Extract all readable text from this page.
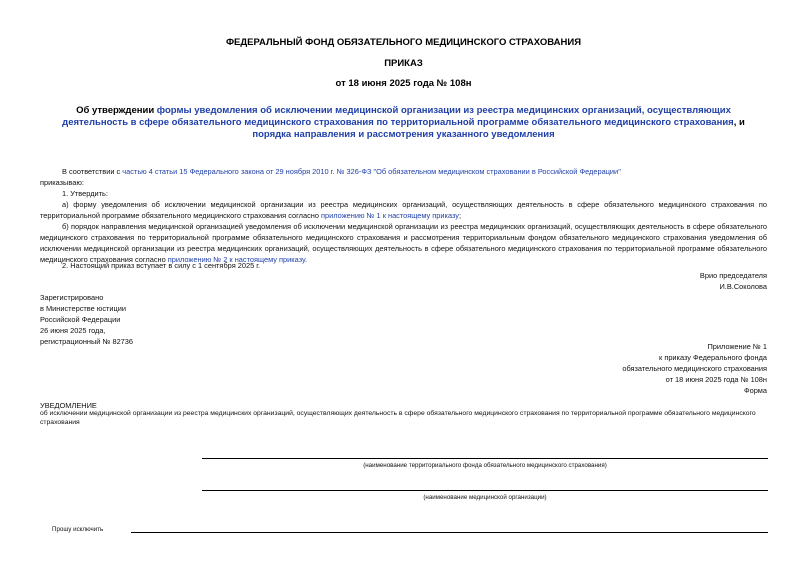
ФЕДЕРАЛЬНЫЙ ФОНД ОБЯЗАТЕЛЬНОГО МЕДИЦИНСКОГО СТРАХОВАНИЯ
ПРИКАЗ
от 18 июня 2025 года № 108н
Об утверждении формы уведомления об исключении медицинской организации из реестра медицинских организаций, осуществляющих деятельность в сфере обязательного медицинского страхования по территориальной программе обязательного медицинского страхования, и порядка направления и рассмотрения указанного уведомления
В соответствии с частью 4 статьи 15 Федерального закона от 29 ноября 2010 г. № 326-ФЗ "Об обязательном медицинском страховании в Российской Федерации"
приказываю:
1. Утвердить:
а) форму уведомления об исключении медицинской организации из реестра медицинских организаций, осуществляющих деятельность в сфере обязательного медицинского страхования по территориальной программе обязательного медицинского страхования согласно приложению № 1 к настоящему приказу;
б) порядок направления медицинской организацией уведомления об исключении медицинской организации из реестра медицинских организаций, осуществляющих деятельность в сфере обязательного медицинского страхования по территориальной программе обязательного медицинского страхования и рассмотрения территориальным фондом обязательного медицинского страхования уведомления об исключении медицинской организации из реестра медицинских организаций, осуществляющих деятельность в сфере обязательного медицинского страхования по территориальной программе обязательного медицинского страхования согласно приложению № 2 к настоящему приказу.
2. Настоящий приказ вступает в силу с 1 сентября 2025 г.
Врио председателя
И.В.Соколова
Зарегистрировано
в Министерстве юстиции
Российской Федерации
26 июня 2025 года,
регистрационный № 82736
Приложение № 1
к приказу Федерального фонда
обязательного медицинского страхования
от 18 июня 2025 года № 108н
Форма
УВЕДОМЛЕНИЕ
об исключении медицинской организации из реестра медицинских организаций, осуществляющих деятельность в сфере обязательного медицинского страхования по территориальной программе обязательного медицинского страхования
(наименование территориального фонда обязательного медицинского страхования)
(наименование медицинской организации)
Прошу исключить
